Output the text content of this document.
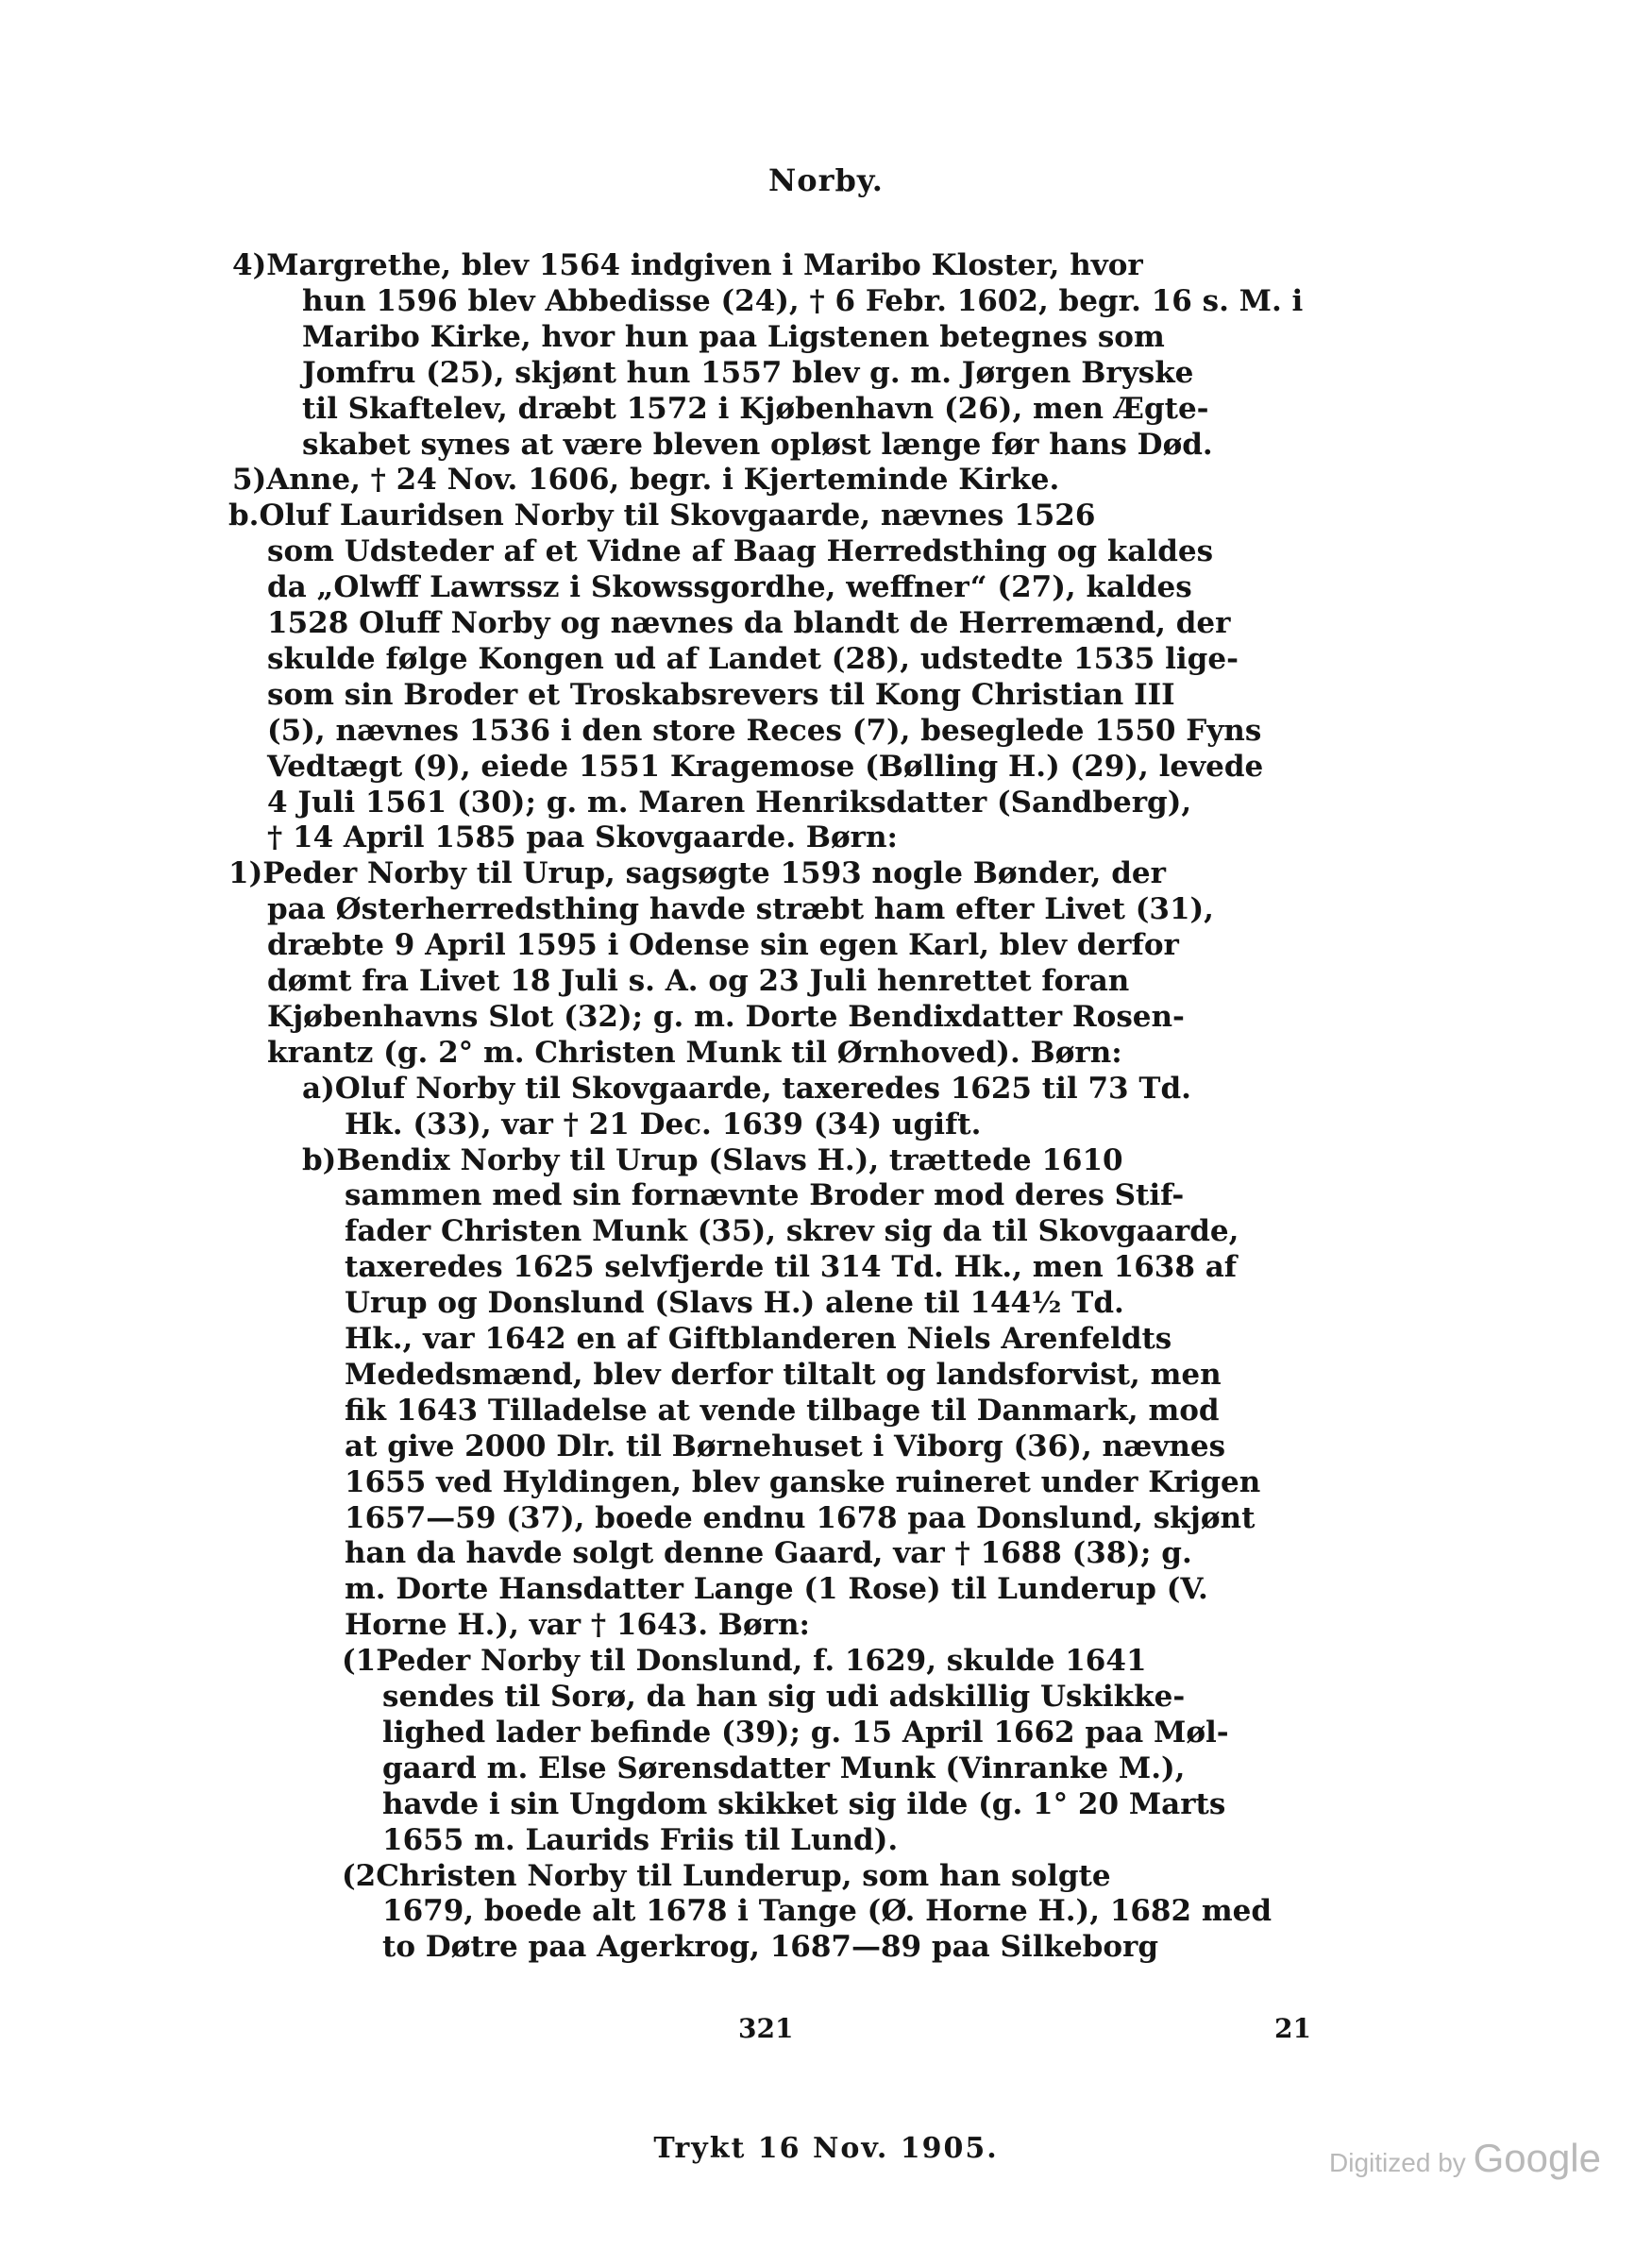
Norby.
4)Margrethe, blev 1564 indgiven i Maribo Kloster, hvor
hun 1596 blev Abbedisse (24), † 6 Febr. 1602, begr. 16 s. M. i
Maribo Kirke, hvor hun paa Ligstenen betegnes som
Jomfru (25), skjønt hun 1557 blev g. m. Jørgen Bryske
til Skaftelev, dræbt 1572 i Kjøbenhavn (26), men Ægte-
skabet synes at være bleven opløst længe før hans Død.
5)Anne, † 24 Nov. 1606, begr. i Kjerteminde Kirke.
b.Oluf Lauridsen Norby til Skovgaarde, nævnes 1526
som Udsteder af et Vidne af Baag Herredsthing og kaldes
da „Olwff Lawrssz i Skowssgordhe, weffner“ (27), kaldes
1528 Oluff Norby og nævnes da blandt de Herremænd, der
skulde følge Kongen ud af Landet (28), udstedte 1535 lige-
som sin Broder et Troskabsrevers til Kong Christian III
(5), nævnes 1536 i den store Reces (7), beseglede 1550 Fyns
Vedtægt (9), eiede 1551 Kragemose (Bølling H.) (29), levede
4 Juli 1561 (30); g. m. Maren Henriksdatter (Sandberg),
† 14 April 1585 paa Skovgaarde. Børn:
1)Peder Norby til Urup, sagsøgte 1593 nogle Bønder, der
paa Østerherredsthing havde stræbt ham efter Livet (31),
dræbte 9 April 1595 i Odense sin egen Karl, blev derfor
dømt fra Livet 18 Juli s. A. og 23 Juli henrettet foran
Kjøbenhavns Slot (32); g. m. Dorte Bendixdatter Rosen-
krantz (g. 2° m. Christen Munk til Ørnhoved). Børn:
a)Oluf Norby til Skovgaarde, taxeredes 1625 til 73 Td.
Hk. (33), var † 21 Dec. 1639 (34) ugift.
b)Bendix Norby til Urup (Slavs H.), trættede 1610
sammen med sin fornævnte Broder mod deres Stif-
fader Christen Munk (35), skrev sig da til Skovgaarde,
taxeredes 1625 selvfjerde til 314 Td. Hk., men 1638 af
Urup og Donslund (Slavs H.) alene til 144½ Td.
Hk., var 1642 en af Giftblanderen Niels Arenfeldts
Mededsmænd, blev derfor tiltalt og landsforvist, men
fik 1643 Tilladelse at vende tilbage til Danmark, mod
at give 2000 Dlr. til Børnehuset i Viborg (36), nævnes
1655 ved Hyldingen, blev ganske ruineret under Krigen
1657—59 (37), boede endnu 1678 paa Donslund, skjønt
han da havde solgt denne Gaard, var † 1688 (38); g.
m. Dorte Hansdatter Lange (1 Rose) til Lunderup (V.
Horne H.), var † 1643. Børn:
(1Peder Norby til Donslund, f. 1629, skulde 1641
sendes til Sorø, da han sig udi adskillig Uskikke-
lighed lader befinde (39); g. 15 April 1662 paa Møl-
gaard m. Else Sørensdatter Munk (Vinranke M.),
havde i sin Ungdom skikket sig ilde (g. 1° 20 Marts
1655 m. Laurids Friis til Lund).
(2Christen Norby til Lunderup, som han solgte
1679, boede alt 1678 i Tange (Ø. Horne H.), 1682 med
to Døtre paa Agerkrog, 1687—89 paa Silkeborg
321	21
Trykt 16 Nov. 1905.	Digitized by Google
